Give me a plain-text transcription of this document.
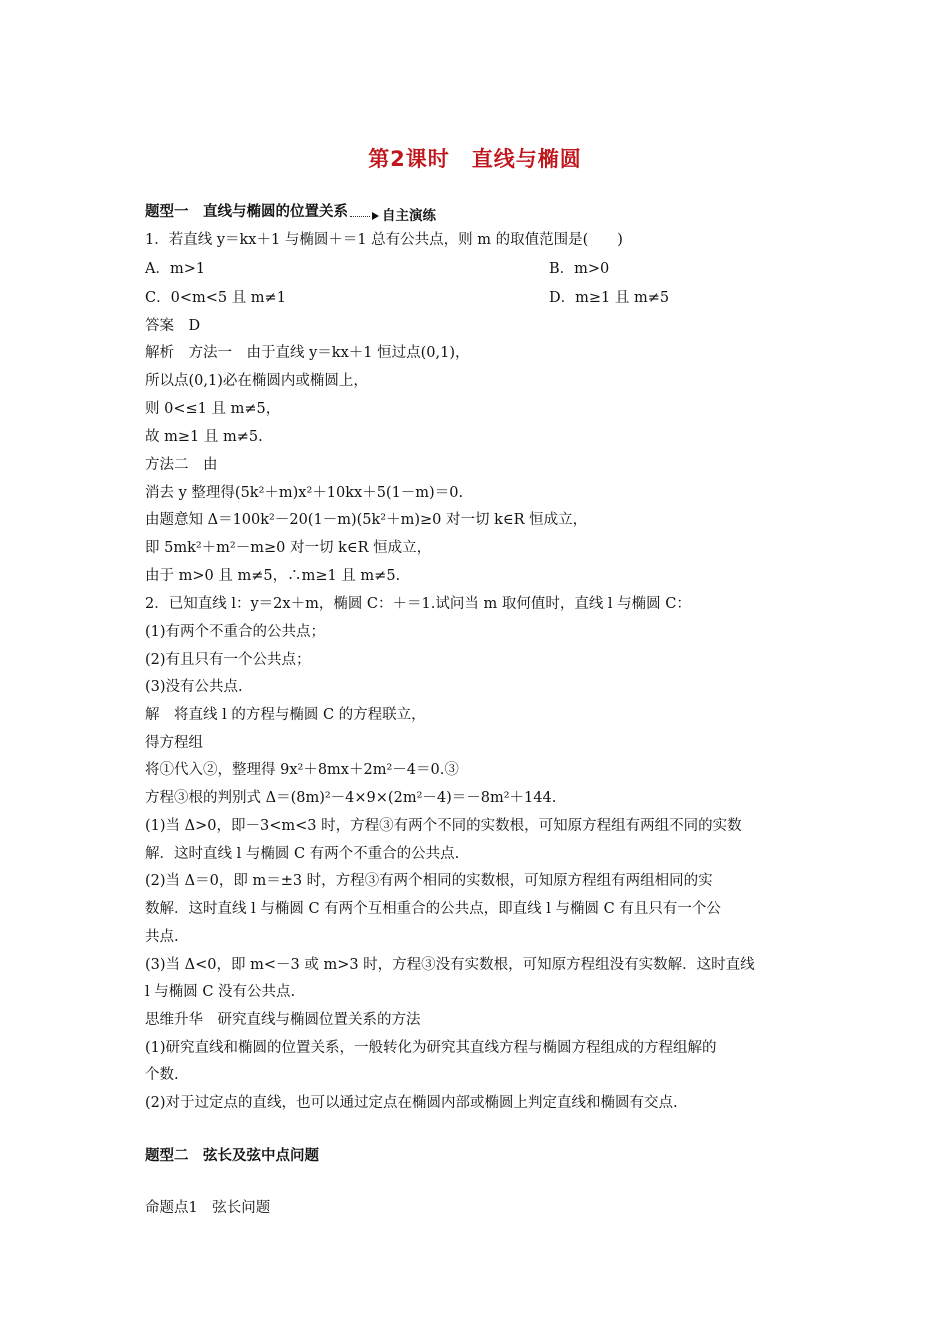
第2课时　直线与椭圆
题型一　直线与椭圆的位置关系	自主演练
1．若直线 y＝kx＋1 与椭圆＋＝1 总有公共点，则 m 的取值范围是(　　)
A．m>1	B．m>0
C．0<m<5 且 m≠1	D．m≥1 且 m≠5
答案　D
解析　方法一　由于直线 y＝kx＋1 恒过点(0,1)，
所以点(0,1)必在椭圆内或椭圆上，
则 0<≤1 且 m≠5，
故 m≥1 且 m≠5.
方法二　由
消去 y 整理得(5k²＋m)x²＋10kx＋5(1－m)＝0.
由题意知 Δ＝100k²－20(1－m)(5k²＋m)≥0 对一切 k∈R 恒成立，
即 5mk²＋m²－m≥0 对一切 k∈R 恒成立，
由于 m>0 且 m≠5，∴m≥1 且 m≠5.
2．已知直线 l：y＝2x＋m，椭圆 C：＋＝1.试问当 m 取何值时，直线 l 与椭圆 C：
(1)有两个不重合的公共点；
(2)有且只有一个公共点；
(3)没有公共点.
解　将直线 l 的方程与椭圆 C 的方程联立，
得方程组
将①代入②，整理得 9x²＋8mx＋2m²－4＝0.③
方程③根的判别式 Δ＝(8m)²－4×9×(2m²－4)＝－8m²＋144.
(1)当 Δ>0，即－3<m<3 时，方程③有两个不同的实数根，可知原方程组有两组不同的实数
解．这时直线 l 与椭圆 C 有两个不重合的公共点.
(2)当 Δ＝0，即 m＝±3 时，方程③有两个相同的实数根，可知原方程组有两组相同的实
数解．这时直线 l 与椭圆 C 有两个互相重合的公共点，即直线 l 与椭圆 C 有且只有一个公
共点.
(3)当 Δ<0，即 m<－3 或 m>3 时，方程③没有实数根，可知原方程组没有实数解．这时直线
l 与椭圆 C 没有公共点.
思维升华　研究直线与椭圆位置关系的方法
(1)研究直线和椭圆的位置关系，一般转化为研究其直线方程与椭圆方程组成的方程组解的
个数.
(2)对于过定点的直线，也可以通过定点在椭圆内部或椭圆上判定直线和椭圆有交点.
题型二　弦长及弦中点问题
命题点1　弦长问题
